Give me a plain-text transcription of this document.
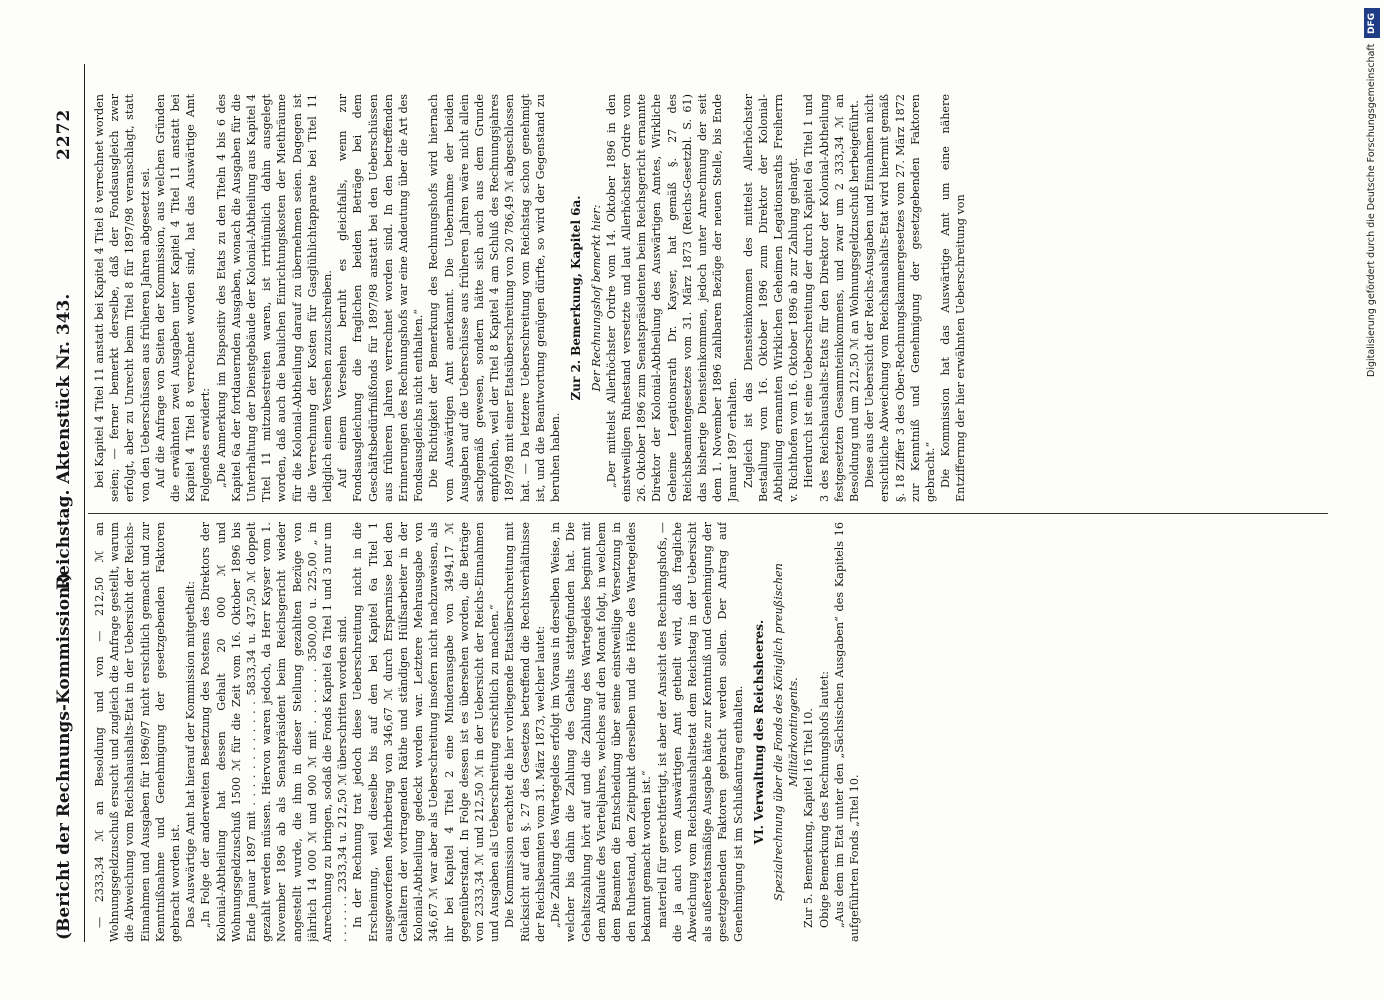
2272
Reichstag. Aktenstück Nr. 343.
(Bericht der Rechnungs-Kommission.)

bei Kapitel 4 Titel 11 anstatt bei Kapitel 4 Titel 8 verrechnet worden seien; — ferner bemerkt derselbe, daß der Fondsausgleich zwar erfolgt, aber zu Unrecht beim Titel 8 für 1897/98 veranschlagt, statt von den Ueberschüssen aus früheren Jahren abgesetzt sei. Auf die Anfrage von Seiten der Kommission, aus welchen Gründen die erwähnten zwei Ausgaben unter Kapitel 4 Titel 11 anstatt bei Kapitel 4 Titel 8 verrechnet worden sind, hat das Auswärtige Amt Folgendes erwidert: „Die Anmerkung im Dispositiv des Etats zu den Titeln 4 bis 6 des Kapitel 6a der fortdauernden Ausgaben, wonach die Ausgaben für die Unterhaltung der Dienstgebäude der Kolonial-Abtheilung aus Kapitel 4 Titel 11 mitzubestreiten waren, ist irrthümlich dahin ausgelegt worden, daß auch die baulichen Einrichtungskosten der Miethräume für die Kolonial-Abtheilung darauf zu übernehmen seien. Dagegen ist die Verrechnung der Kosten für Gasglühlichtapparate bei Titel 11 lediglich einem Versehen zuzuschreiben. Auf einem Versehen beruht es gleichfalls, wenn zur Fondsausgleichung die fraglichen beiden Beträge bei dem Geschäftsbedürfnißfonds für 1897/98 anstatt bei den Ueberschüssen aus früheren Jahren verrechnet worden sind. In den betreffenden Erinnerungen des Rechnungshofs war eine Andeutung über die Art des Fondsausgleichs nicht enthalten.“ Die Richtigkeit der Bemerkung des Rechnungshofs wird hiernach vom Auswärtigen Amt anerkannt. Die Uebernahme der beiden Ausgaben auf die Ueberschüsse aus früheren Jahren wäre nicht allein sachgemäß gewesen, sondern hätte sich auch aus dem Grunde empfohlen, weil der Titel 8 Kapitel 4 am Schluß des Rechnungsjahres 1897/98 mit einer Etatsüberschreitung von 20 786,49 ℳ abgeschlossen hat. — Da letztere Ueberschreitung vom Reichstag schon genehmigt ist, und die Beantwortung genügen dürfte, so wird der Gegenstand zu beruhen haben.

Zur 2. Bemerkung, Kapitel 6a. Der Rechnungshof bemerkt hier: „Der mittelst Allerhöchster Ordre vom 14. Oktober 1896 in den einstweiligen Ruhestand versetzte und laut Allerhöchster Ordre vom 26. Oktober 1896 zum Senatspräsidenten beim Reichsgericht ernannte Direktor der Kolonial-Abtheilung des Auswärtigen Amtes, Wirkliche Geheime Legationsrath Dr. Kayser, hat gemäß §. 27 des Reichsbeamtengesetzes vom 31. März 1873 (Reichs-Gesetzbl. S. 61) das bisherige Diensteinkommen, jedoch unter Anrechnung der seit dem 1. November 1896 zahlbaren Bezüge der neuen Stelle, bis Ende Januar 1897 erhalten. Zugleich ist das Diensteinkommen des mittelst Allerhöchster Bestallung vom 16. Oktober 1896 zum Direktor der Kolonial-Abtheilung ernannten Wirklichen Geheimen Legationsraths Freiherrn v. Richthofen vom 16. Oktober 1896 ab zur Zahlung gelangt. Hierdurch ist eine Ueberschreitung der durch Kapitel 6a Titel 1 und 3 des Reichshaushalts-Etats für den Direktor der Kolonial-Abtheilung festgesetzten Gesammteinkommens, und zwar um 2 333,34 ℳ an Besoldung und um 212,50 ℳ an Wohnungsgeldzuschuß herbeigeführt. Diese aus der Uebersicht der Reichs-Ausgaben und Einnahmen nicht ersichtliche Abweichung vom Reichshaushalts-Etat wird hiermit gemäß §. 18 Ziffer 3 des Ober-Rechnungskammergesetzes vom 27. März 1872 zur Kenntniß und Genehmigung der gesetzgebenden Faktoren gebracht.“ Die Kommission hat das Auswärtige Amt um eine nähere Entziffernng der hier erwähnten Ueberschreitung von

— 2333,34 ℳ an Besoldung und von — 212,50 ℳ an Wohnungsgeldzuschuß ersucht und zugleich die Anfrage gestellt, warum die Abweichung vom Reichshaushalts-Etat in der Uebersicht der Reichs-Einnahmen und Ausgaben für 1896/97 nicht ersichtlich gemacht und zur Kenntnißnahme und Genehmigung der gesetzgebenden Faktoren gebracht worden ist. Das Auswärtige Amt hat hierauf der Kommission mitgetheilt: „In Folge der anderweiten Besetzung des Postens des Direktors der Kolonial-Abtheilung hat dessen Gehalt 20 000 ℳ und Wohnungsgeldzuschuß 1500 ℳ für die Zeit vom 16. Oktober 1896 bis Ende Januar 1897 mit . . . . . . . . . . . . 5833,34 u. 437,50 ℳ doppelt gezahlt werden müssen. Hiervon waren jedoch, da Herr Kayser vom 1. November 1896 ab als Senatspräsident beim Reichsgericht wieder angestellt wurde, die ihm in dieser Stellung gezahlten Bezüge von jährlich 14 000 ℳ und 900 ℳ mit . . . . . . 3500,00 u. 225,00 „ in Anrechnung zu bringen, sodaß die Fonds Kapitel 6a Titel 1 und 3 nur um . . . . . . . 2333,34 u. 212,50 ℳ überschritten worden sind. In der Rechnung trat jedoch diese Ueberschreitung nicht in die Erscheinung, weil dieselbe bis auf den bei Kapitel 6a Titel 1 ausgeworfenen Mehrbetrag von 346,67 ℳ durch Ersparnisse bei den Gehältern der vortragenden Räthe und ständigen Hülfsarbeiter in der Kolonial-Abtheilung gedeckt worden war. Letztere Mehrausgabe von 346,67 ℳ war aber als Ueberschreitung insofern nicht nachzuweisen, als ihr bei Kapitel 4 Titel 2 eine Minderausgabe von 3494,17 ℳ gegenüberstand. In Folge dessen ist es übersehen worden, die Beträge von 2333,34 ℳ und 212,50 ℳ in der Uebersicht der Reichs-Einnahmen und Ausgaben als Ueberschreitung ersichtlich zu machen.“ Die Kommission erachtet die hier vorliegende Etatsüberschreitung mit Rücksicht auf den §. 27 des Gesetzes betreffend die Rechtsverhältnisse der Reichsbeamten vom 31. März 1873, welcher lautet: „Die Zahlung des Wartegeldes erfolgt im Voraus in derselben Weise, in welcher bis dahin die Zahlung des Gehalts stattgefunden hat. Die Gehaltszahlung hört auf und die Zahlung des Wartegeldes beginnt mit dem Ablaufe des Vierteljahres, welches auf den Monat folgt, in welchem dem Beamten die Entscheidung über seine einstweilige Versetzung in den Ruhestand, den Zeitpunkt derselben und die Höhe des Wartegeldes bekannt gemacht worden ist.“ materiell für gerechtfertigt, ist aber der Ansicht des Rechnungshofs, — die ja auch vom Auswärtigen Amt getheilt wird, daß fragliche Abweichung vom Reichshaushaltsetat dem Reichstag in der Uebersicht als außeretatsmäßige Ausgabe hätte zur Kenntniß und Genehmigung der gesetzgebenden Faktoren gebracht werden sollen. Der Antrag auf Genehmigung ist im Schlußantrag enthalten. VI. Verwaltung des Reichsheeres. Spezialrechnung über die Fonds des Königlich preußischen Militärkontingents. Zur 5. Bemerkung, Kapitel 16 Titel 10. Obige Bemerkung des Rechnungshofs lautet: „Aus dem im Etat unter den „Sächsischen Ausgaben“ des Kapitels 16 aufgeführten Fonds „Titel 10.

DFG
Digitalisierung gefördert durch die Deutsche Forschungsgemeinschaft
